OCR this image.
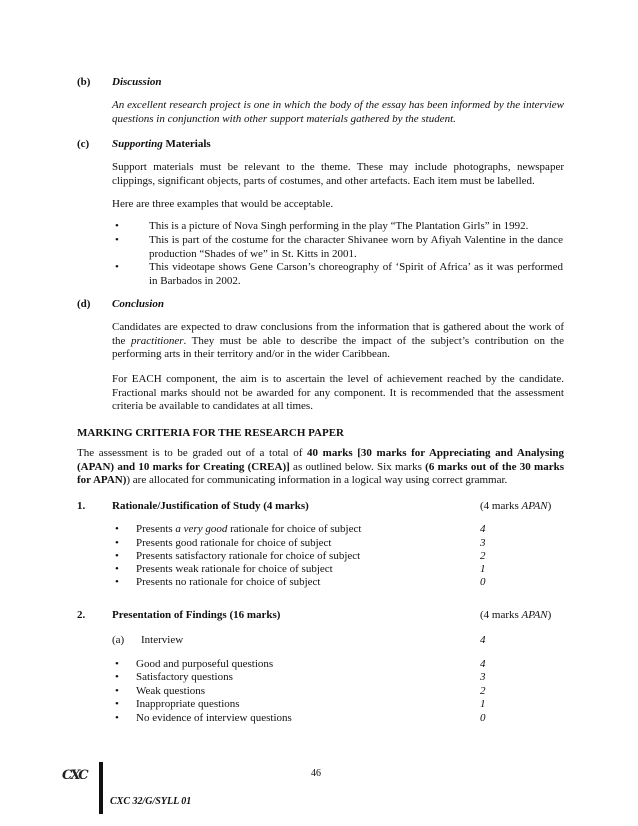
(b) Discussion

An excellent research project is one in which the body of the essay has been informed by the interview questions in conjunction with other support materials gathered by the student.

(c) Supporting Materials

Support materials must be relevant to the theme. These may include photographs, newspaper clippings, significant objects, parts of costumes, and other artefacts. Each item must be labelled.

Here are three examples that would be acceptable.

•	This is a picture of Nova Singh performing in the play “The Plantation Girls” in 1992.
•	This is part of the costume for the character Shivanee worn by Afiyah Valentine in the dance production “Shades of we” in St. Kitts in 2001.
•	This videotape shows Gene Carson’s choreography of ‘Spirit of Africa’ as it was performed in Barbados in 2002.
(d) Conclusion

Candidates are expected to draw conclusions from the information that is gathered about the work of the practitioner. They must be able to describe the impact of the subject’s contribution on the performing arts in their territory and/or in the wider Caribbean.

For EACH component, the aim is to ascertain the level of achievement reached by the candidate. Fractional marks should not be awarded for any component. It is recommended that the assessment criteria be available to candidates at all times.

MARKING CRITERIA FOR THE RESEARCH PAPER

The assessment is to be graded out of a total of 40 marks [30 marks for Appreciating and Analysing (APAN) and 10 marks for Creating (CREA)] as outlined below. Six marks (6 marks out of the 30 marks for APAN)) are allocated for communicating information in a logical way using correct grammar.

1. Rationale/Justification of Study (4 marks)	(4 marks APAN)
• Presents a very good rationale for choice of subject	4
• Presents good rationale for choice of subject	3
• Presents satisfactory rationale for choice of subject	2
• Presents weak rationale for choice of subject	1
• Presents no rationale for choice of subject	0
2. Presentation of Findings (16 marks)	(4 marks APAN)
(a) Interview	4
• Good and purposeful questions	4
• Satisfactory questions	3
• Weak questions	2
• Inappropriate questions	1
• No evidence of interview questions	0
46
CXC
CXC 32/G/SYLL 01
